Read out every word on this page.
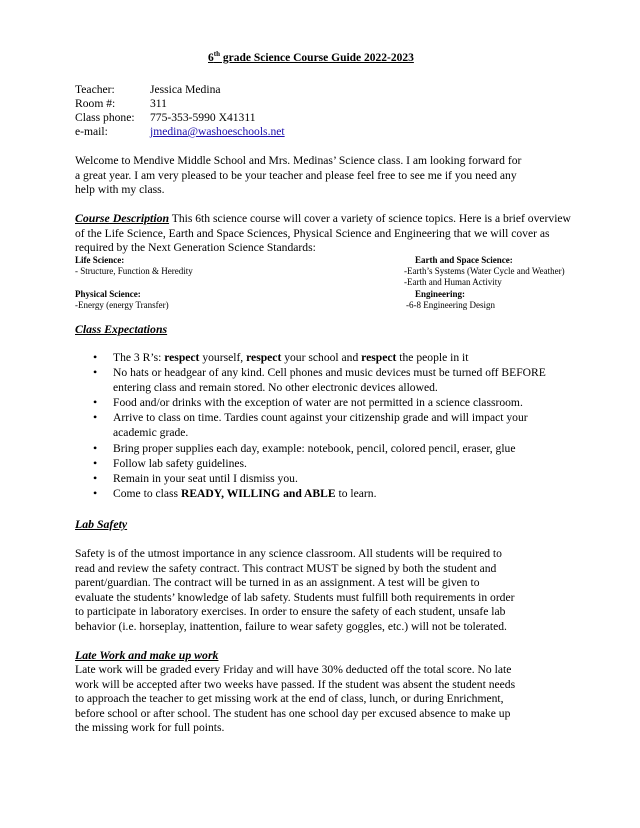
6th grade Science Course Guide 2022-2023
Teacher:	Jessica Medina
Room #:	311
Class phone: 775-353-5990 X41311
e-mail:	jmedina@washoeschools.net
Welcome to Mendive Middle School and Mrs. Medinas’ Science class. I am looking forward for
a great year. I am very pleased to be your teacher and please feel free to see me if you need any
help with my class.
Course Description This 6th science course will cover a variety of science topics. Here is a brief overview
of the Life Science, Earth and Space Sciences, Physical Science and Engineering that we will cover as
required by the Next Generation Science Standards:
Life Science:
- Structure, Function & Heredity
Earth and Space Science:
-Earth’s Systems (Water Cycle and Weather)
-Earth and Human Activity
Physical Science:
-Energy (energy Transfer)
Engineering:
-6-8 Engineering Design
Class Expectations
• The 3 R’s: respect yourself, respect your school and respect the people in it
• No hats or headgear of any kind. Cell phones and music devices must be turned off BEFORE entering class and remain stored. No other electronic devices allowed.
• Food and/or drinks with the exception of water are not permitted in a science classroom.
• Arrive to class on time. Tardies count against your citizenship grade and will impact your academic grade.
• Bring proper supplies each day, example: notebook, pencil, colored pencil, eraser, glue
• Follow lab safety guidelines.
• Remain in your seat until I dismiss you.
• Come to class READY, WILLING and ABLE to learn.
Lab Safety
Safety is of the utmost importance in any science classroom. All students will be required to
read and review the safety contract. This contract MUST be signed by both the student and
parent/guardian. The contract will be turned in as an assignment. A test will be given to
evaluate the students’ knowledge of lab safety. Students must fulfill both requirements in order
to participate in laboratory exercises. In order to ensure the safety of each student, unsafe lab
behavior (i.e. horseplay, inattention, failure to wear safety goggles, etc.) will not be tolerated.
Late Work and make up work
Late work will be graded every Friday and will have 30% deducted off the total score. No late
work will be accepted after two weeks have passed. If the student was absent the student needs
to approach the teacher to get missing work at the end of class, lunch, or during Enrichment,
before school or after school. The student has one school day per excused absence to make up
the missing work for full points.
